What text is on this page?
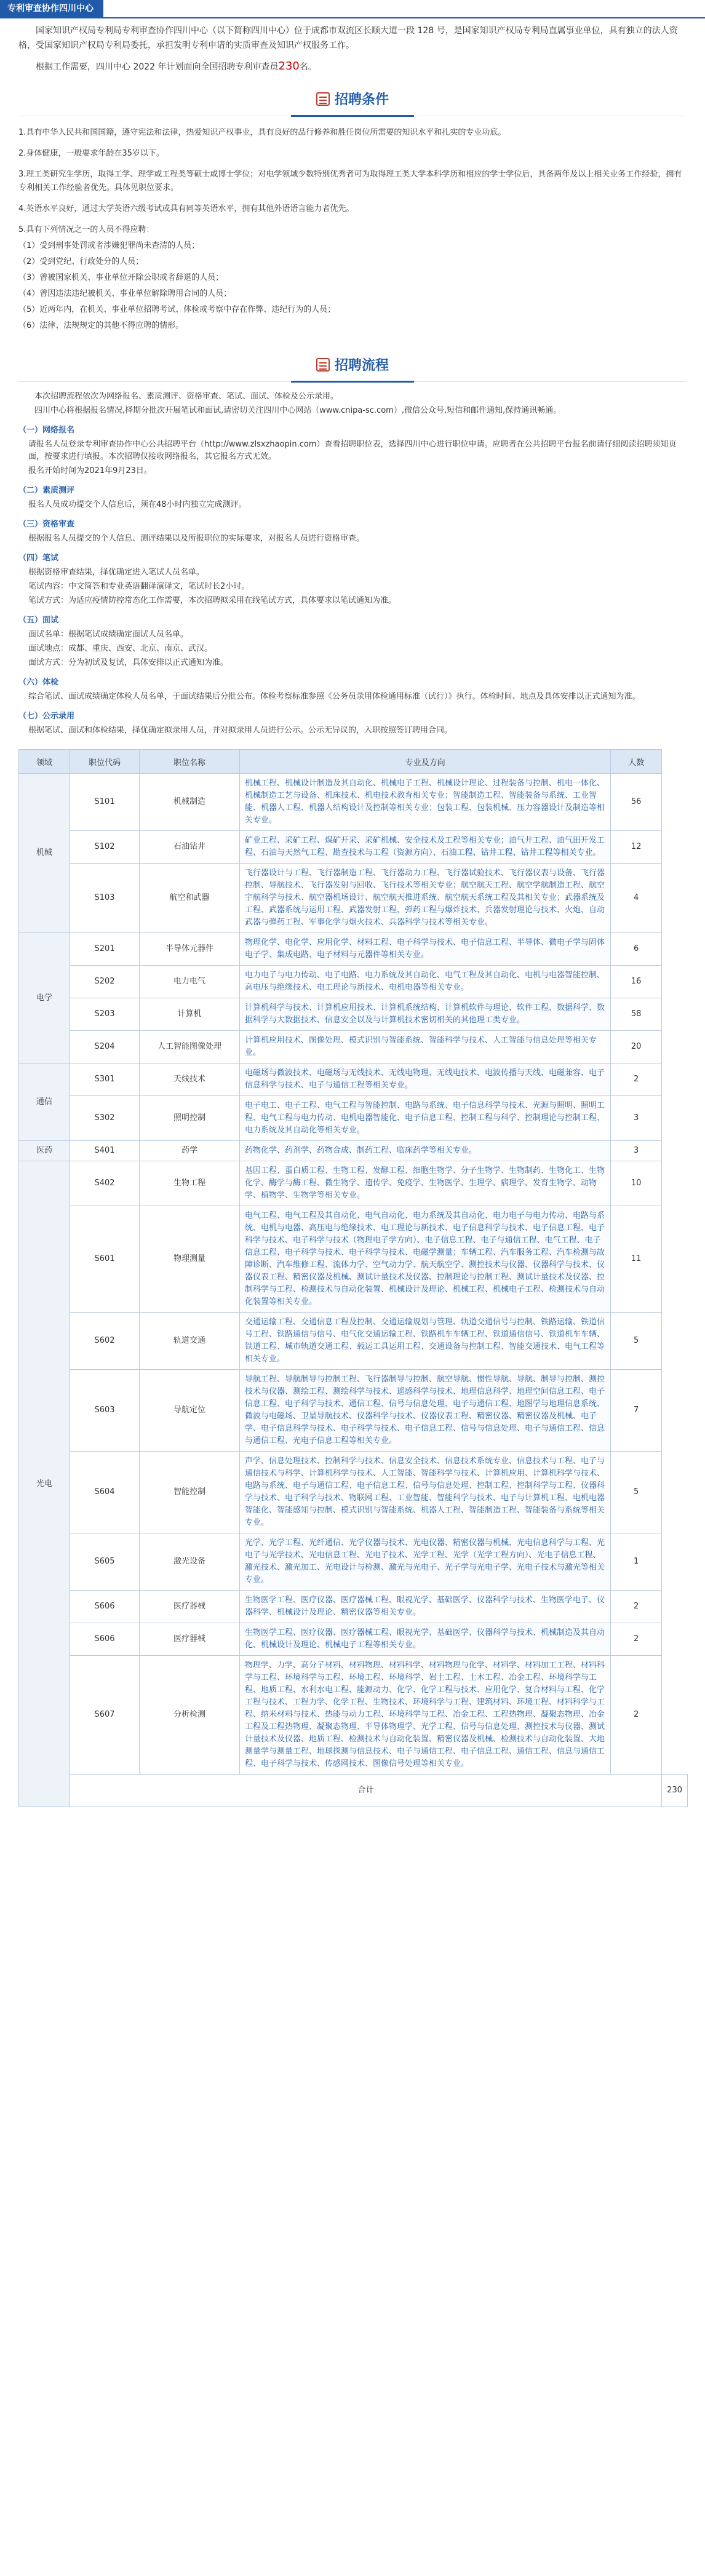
专利审查协作四川中心

国家知识产权局专利局专利审查协作四川中心（以下简称四川中心）位于成都市双流区长顺大道一段 128 号，是国家知识产权局专利局直属事业单位，具有独立的法人资格，受国家知识产权局专利局委托，承担发明专利申请的实质审查及知识产权服务工作。

根据工作需要，四川中心 2022 年计划面向全国招聘专利审查员230名。

招聘条件

1.具有中华人民共和国国籍，遵守宪法和法律，热爱知识产权事业，具有良好的品行修养和胜任岗位所需要的知识水平和扎实的专业功底。

2.身体健康，一般要求年龄在35岁以下。

3.理工类研究生学历，取得工学、理学或工程类等硕士或博士学位；对电学领域少数特别优秀者可为取得理工类大学本科学历和相应的学士学位后，具备两年及以上相关业务工作经验，拥有专利相关工作经验者优先。具体见职位要求。

4.英语水平良好，通过大学英语六级考试或具有同等英语水平，拥有其他外语语言能力者优先。

5.具有下列情况之一的人员不得应聘：

（1）受到刑事处罚或者涉嫌犯罪尚未查清的人员；

（2）受到党纪、行政处分的人员；

（3）曾被国家机关、事业单位开除公职或者辞退的人员；

（4）曾因违法违纪被机关、事业单位解除聘用合同的人员；

（5）近两年内，在机关、事业单位招聘考试、体检或考察中存在作弊、违纪行为的人员；

（6）法律、法规规定的其他不得应聘的情形。

招聘流程

本次招聘流程依次为网络报名、素质测评、资格审查、笔试、面试、体检及公示录用。

四川中心将根据报名情况,择期分批次开展笔试和面试,请密切关注四川中心网站（www.cnipa-sc.com）,微信公众号,短信和邮件通知,保持通讯畅通。

（一）网络报名

请报名人员登录专利审查协作中心公共招聘平台（http://www.zlsxzhaopin.com）查看招聘职位表，选择四川中心进行职位申请。应聘者在公共招聘平台报名前请仔细阅读招聘须知页面，按要求进行填报。本次招聘仅接收网络报名，其它报名方式无效。

报名开始时间为2021年9月23日。

（二）素质测评

报名人员成功提交个人信息后，须在48小时内独立完成测评。

（三）资格审查

根据报名人员提交的个人信息、测评结果以及所报职位的实际要求，对报名人员进行资格审查。

（四）笔试

根据资格审查结果，择优确定进入笔试人员名单。

笔试内容：中文简答和专业英语翻译演译文，笔试时长2小时。

笔试方式：为适应疫情防控常态化工作需要，本次招聘拟采用在线笔试方式，具体要求以笔试通知为准。

（五）面试

面试名单：根据笔试成绩确定面试人员名单。

面试地点：成都、重庆、西安、北京、南京、武汉。

面试方式：分为初试及复试，具体安排以正式通知为准。

（六）体检

综合笔试、面试成绩确定体检人员名单，于面试结果后分批公布。体检考察标准参照《公务员录用体检通用标准（试行）》执行。体检时间、地点及具体安排以正式通知为准。

（七）公示录用

根据笔试、面试和体检结果，择优确定拟录用人员，并对拟录用人员进行公示。公示无异议的，入职按照签订聘用合同。

领域	职位代码	职位名称	专业及方向	人数	
机械	S101	机械制造	机械工程、机械设计制造及其自动化、机械电子工程、机械设计理论、过程装备与控制、机电一体化、机械制造工艺与设备、机床技术、机电技术教育相关专业；智能制造工程、智能装备与系统、工业智能、机器人工程、机器人结构设计及控制等相关专业；包装工程、包装机械、压力容器设计及制造等相关专业。	56	
	S102	石油钻井	矿业工程、采矿工程、煤矿开采、采矿机械、安全技术及工程等相关专业；油气井工程、油气田开发工程、石油与天然气工程、勘查技术与工程（资源方向）、石油工程、钻井工程、钻井工程等相关专业。	12	
	S103	航空和武器	飞行器设计与工程、飞行器制造工程、飞行器动力工程、飞行器试验技术、飞行器仪表与设备、飞行器控制、导航技术、飞行器发射与回收、飞行技术等相关专业；航空航天工程、航空学航制造工程、航空宇航科学与技术、航空器机场设计、航空航天推进系统、航空航天系统工程及其相关专业；武器系统及工程、武器系统与运用工程、武器发射工程、弹药工程与爆炸技术、兵器发射理论与技术、火炮、自动武器与弹药工程、军事化学与烟火技术、兵器科学与技术等相关专业。	4	
电学	S201	半导体元器件	物理化学、电化学、应用化学、材料工程、电子科学与技术、电子信息工程、半导体、微电子学与固体电子学、集成电路、电子材料与元器件等相关专业。	6	
	S202	电力电气	电力电子与电力传动、电子电路、电力系统及其自动化、电气工程及其自动化、电机与电器智能控制、高电压与绝缘技术、电工理论与新技术、电机电器等相关专业。	16	
	S203	计算机	计算机科学与技术、计算机应用技术、计算机系统结构、计算机软件与理论、软件工程、数据科学、数据科学与大数据技术、信息安全以及与计算机技术密切相关的其他理工类专业。	58	
	S204	人工智能图像处理	计算机应用技术、图像处理、模式识别与智能系统、智能科学与技术、人工智能与信息处理等相关专业。	20	
通信	S301	天线技术	电磁场与微波技术、电磁场与无线技术、无线电物理、无线电技术、电波传播与天线、电磁兼容、电子信息科学与技术、电子与通信工程等相关专业。	2	
	S302	照明控制	电子电工、电子工程、电气工程与智能控制、电路与系统、电子信息科学与技术、光源与照明、照明工程、电气工程与电力传动、电机电器智能化、电子信息工程、控制工程与科学、控制理论与控制工程、电力系统及其自动化等相关专业。	3	
医药	S401	药学	药物化学、药剂学、药物合成、制药工程、临床药学等相关专业。	3	
光电	S402	生物工程	基因工程、蛋白质工程、生物工程、发酵工程、细胞生物学、分子生物学、生物制药、生物化工、生物化学、酶学与酶工程、微生物学、遗传学、免疫学、生物医学、生理学、病理学、发育生物学、动物学、植物学、生物学等相关专业。	10	
	S601	物理测量	电气工程、电气工程及其自动化、电气自动化、电力系统及其自动化、电力电子与电力传动、电路与系统、电机与电器、高压电与绝缘技术、电工理论与新技术、电子信息科学与技术、电子信息工程、电子科学与技术、电子科学与技术（物理电子学方向）、电子信息工程、电子与通信工程、电气工程、电子信息工程、电子科学与技术、电子科学与技术、电磁学测量；车辆工程、汽车服务工程、汽车检测与故障诊断、汽车维修工程、流体力学、空气动力学、航天航空学、测控技术与仪器、仪器科学与技术、仪器仪表工程、精密仪器及机械、测试计量技术及仪器、控制理论与控制工程、测试计量技术及仪器、控制科学与工程、检测技术与自动化装置、机械设计及理论、机械工程、机械电子工程、检测技术与自动化装置等相关专业。	11	
	S602	轨道交通	交通运输工程、交通信息工程及控制、交通运输规划与管理、轨道交通信号与控制、铁路运输、铁道信号工程、铁路通信与信号、电气化交通运输工程、铁路机车车辆工程、铁道通信信号、铁道机车车辆、铁道工程、城市轨道交通工程、载运工具运用工程、交通设备与控制工程、智能交通技术、电气工程等相关专业。	5	
	S603	导航定位	导航工程、导航制导与控制工程、飞行器制导与控制、航空导航、惯性导航、导航、制导与控制、测控技术与仪器、测绘工程、测绘科学与技术、遥感科学与技术、地理信息科学、地理空间信息工程、电子信息工程、电子科学与技术、通信工程、信号与信息处理、电子与通信工程、地图学与地理信息系统、微波与电磁场、卫星导航技术、仪器科学与技术、仪器仪表工程、精密仪器、精密仪器及机械、电子学、电子信息科学与技术、电子科学与技术、电子信息工程、信号与信息处理、电子与通信工程、信息与通信工程、光电子信息工程等相关专业。	7	
	S604	智能控制	声学、信息处理技术、控制科学与技术、信息安全技术、信息技术系统专业、信息技术与工程、电子与通信技术与科学、计算机科学与技术、人工智能、智能科学与技术、计算机应用、计算机科学与技术、电路与系统、电子与通信工程、电子信息工程、信号与信息处理、控制工程、控制科学与工程、仪器科学与技术、电子科学与技术、物联网工程、工业智能、智能科学与技术、电子与计算机工程、电机电器智能化、智能感知与控制、模式识别与智能系统、机器人工程、智能制造工程、智能装备与系统等相关专业。	5	
	S605	激光设备	光学、光学工程、光纤通信、光学仪器与技术、光电仪器、精密仪器与机械、光电信息科学与工程、光电子与光学技术、光电信息工程、光电子技术、光学工程、光学（光学工程方向）、光电子信息工程、激光技术、激光加工、光电设计与检测、激光与光电子、光子学与光电子学、光电子技术与激光等相关专业。	1	
	S606	医疗器械	生物医学工程、医疗仪器、医疗器械工程、眼视光学、基础医学、仪器科学与技术、生物医学电子、仪器科学、机械设计及理论、精密仪器等相关专业。	2	
	S606	医疗器械	生物医学工程、医疗仪器、医疗器械工程、眼视光学、基础医学、仪器科学与技术、机械制造及其自动化、机械设计及理论、机械电子工程等相关专业。	2	
	S607	分析检测	物理学、力学、高分子材料、材料物理、材料科学、材料物理与化学、材料学、材料加工工程、材料科学与工程、环境科学与工程、环境工程、环境科学、岩土工程、土木工程、冶金工程、环境科学与工程、地质工程、水利水电工程、能源动力、化学、化学工程与技术、应用化学、复合材料与工程、化学工程与技术、工程力学、化学工程、生物技术、环境科学与工程、建筑材料、环境工程、材料科学与工程、纳米材料与技术、热能与动力工程、环境科学与工程、冶金工程、工程热物理、凝聚态物理、冶金工程及工程热物理、凝聚态物理、半导体物理学、光学工程、信号与信息处理、测控技术与仪器、测试计量技术及仪器、地质工程、检测技术与自动化装置、精密仪器及机械、检测技术与自动化装置、大地测量学与测量工程、地球探测与信息技术、电子与通信工程、电子信息工程、通信工程、信息与通信工程、电子科学与技术、传感网技术、图像信号处理等相关专业。	2	
	合计				230
